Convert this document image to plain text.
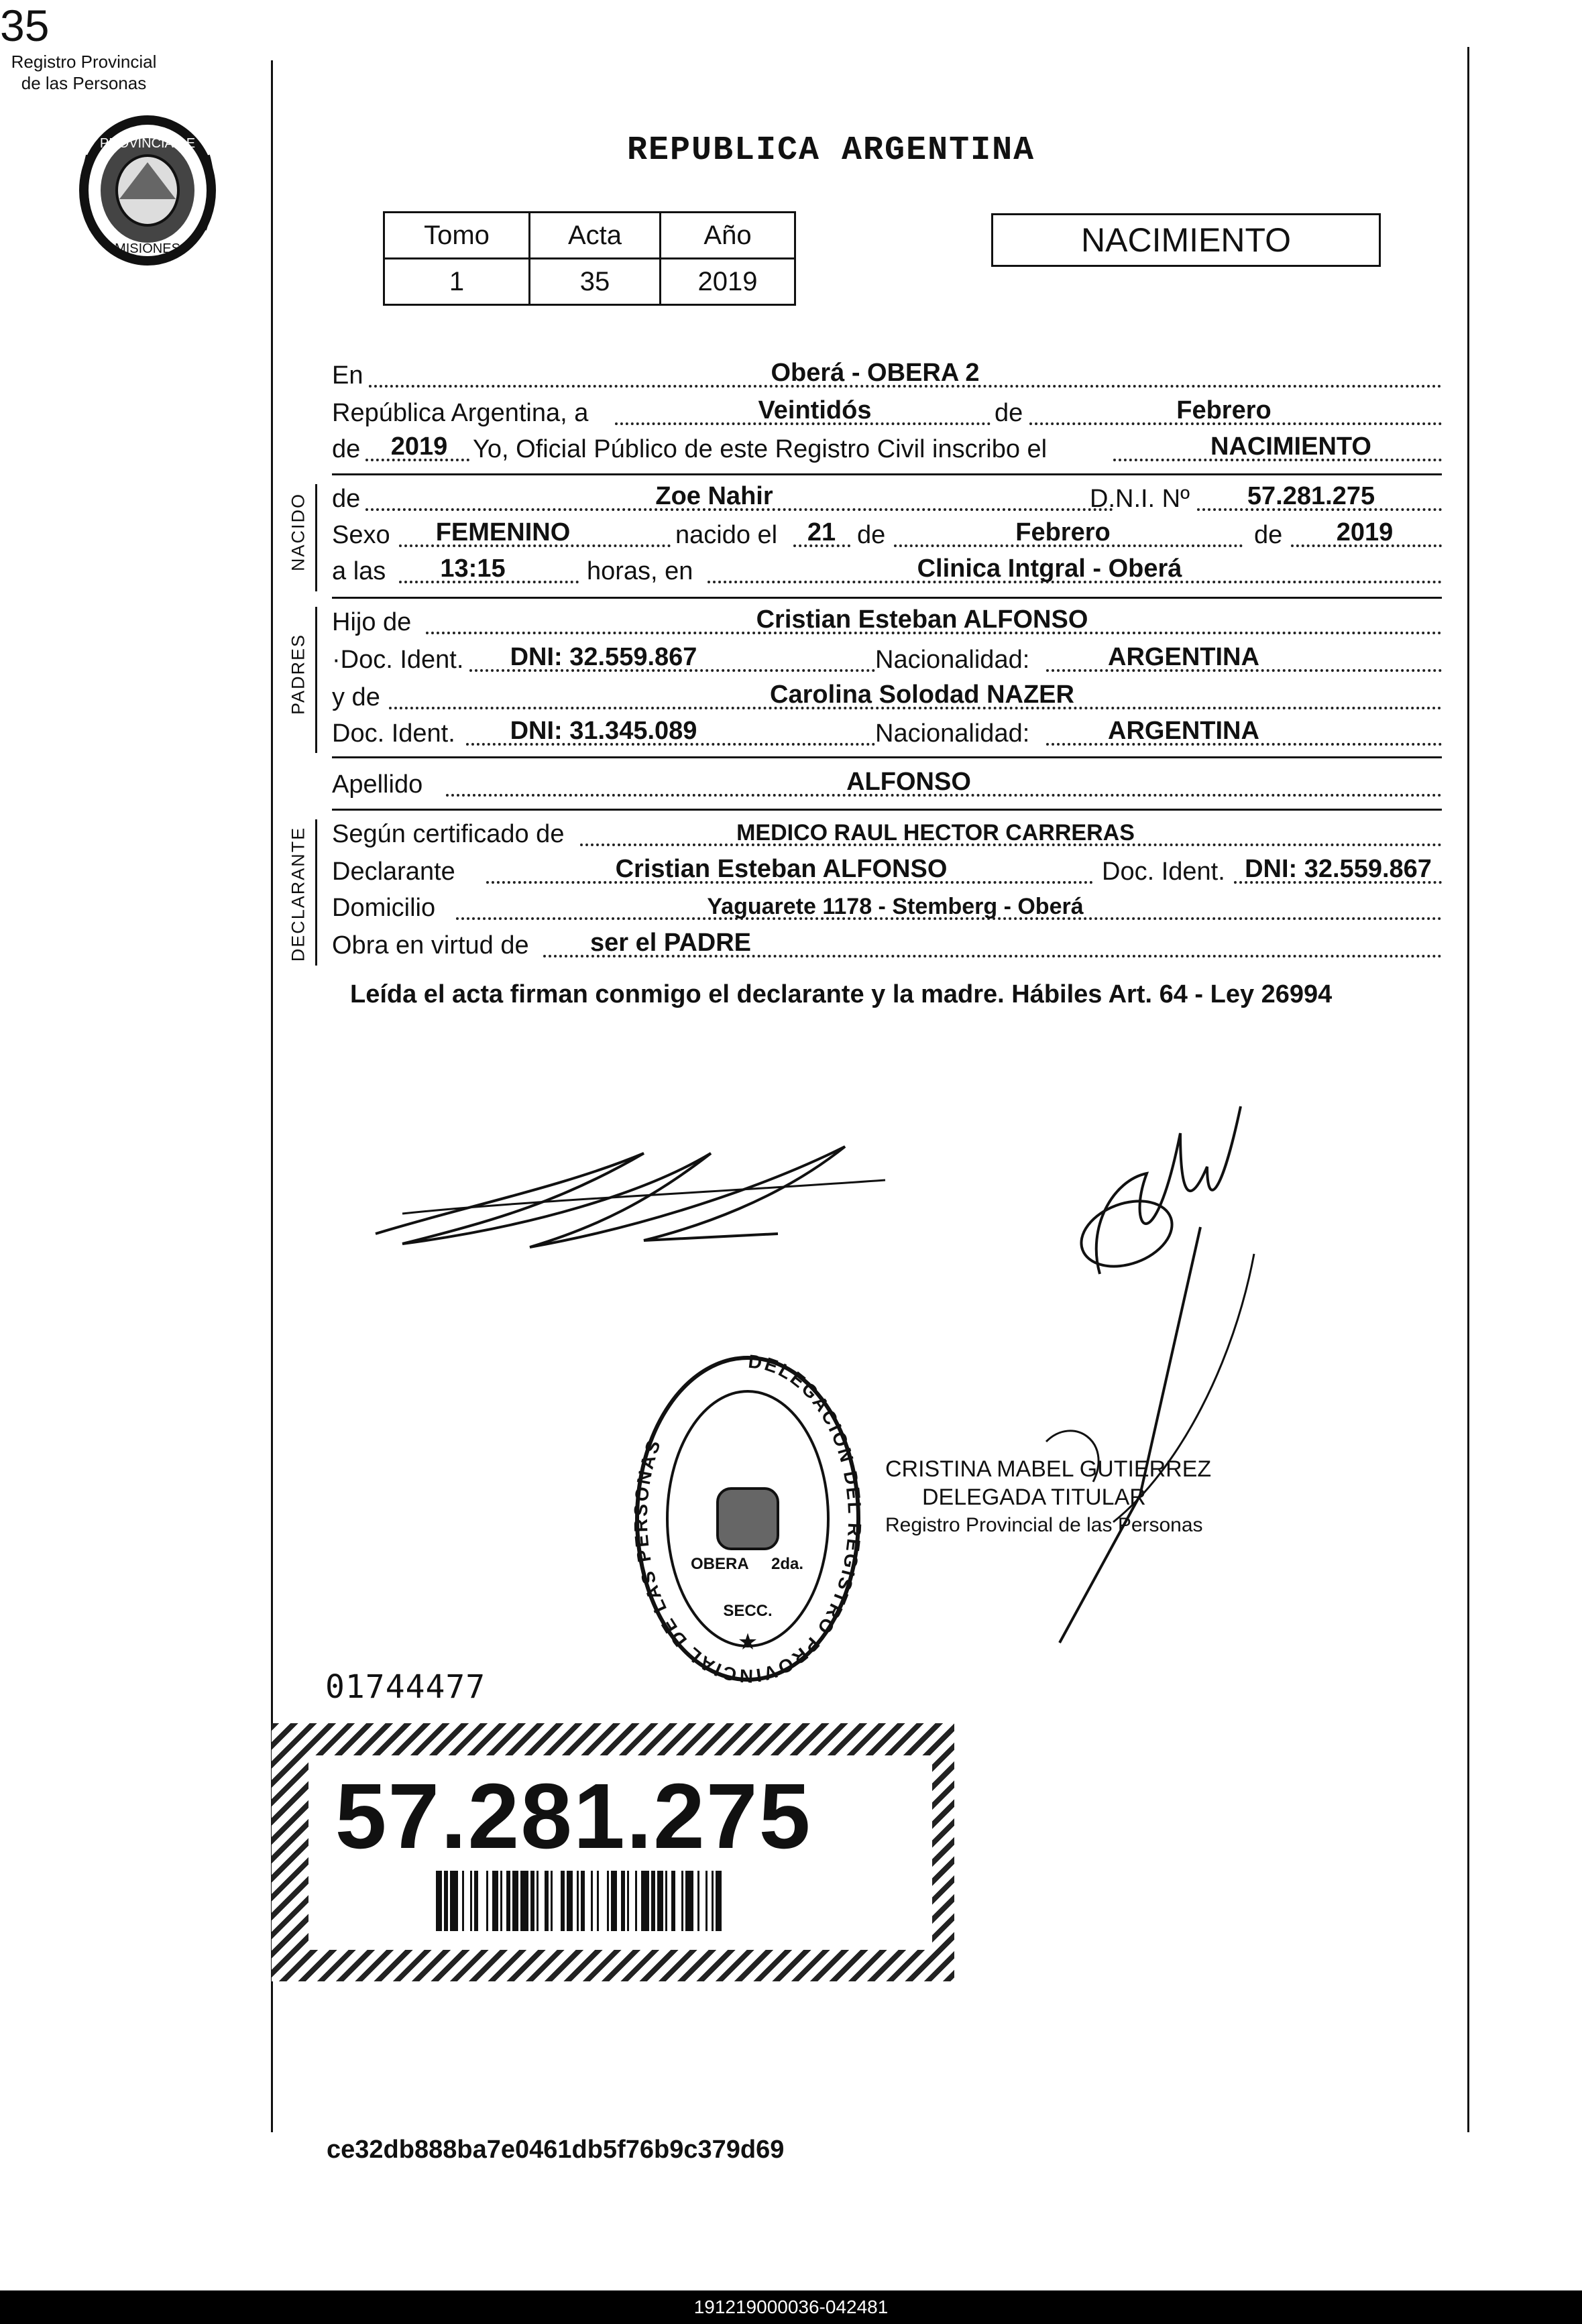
35
REPUBLICA ARGENTINA
PROVINCIA DE
MISIONES
Registro Provincial
de las Personas
Tomo	Acta	Año
1	35	2019
NACIMIENTO
En	Oberá - OBERA 2
República Argentina, a	Veintidós	de	Febrero
de	2019 Yo, Oficial Público de este Registro Civil inscribo el	NACIMIENTO
NACIDO de	Zoe Nahir	D.N.I. Nº	57.281.275
Sexo	FEMENINO	nacido el	21 de	Febrero	de	2019
a las	13:15	horas, en	Clinica Intgral - Oberá
PADRES
Hijo de	Cristian Esteban ALFONSO
·Doc. Ident.	DNI: 32.559.867	Nacionalidad:	ARGENTINA
y de	Carolina Solodad NAZER
Doc. Ident.	DNI: 31.345.089	Nacionalidad:	ARGENTINA
Apellido	ALFONSO
DECLARANTE Según certificado de	MEDICO RAUL HECTOR CARRERAS
Declarante	Cristian Esteban ALFONSO	Doc. Ident. DNI: 32.559.867
Domicilio	Yaguarete 1178 - Stemberg - Oberá
Obra en virtud de	ser el PADRE
Leída el acta firman conmigo el declarante y la madre. Hábiles Art. 64 - Ley 26994
DELEGACION DEL REGISTRO PROVINCIAL DE LAS PERSONAS
OBERA 2da.
SECC.
★
CRISTINA MABEL GUTIERREZ
DELEGADA TITULAR
Registro Provincial de las Personas
01744477
57.281.275
ce32db888ba7e0461db5f76b9c379d69
191219000036-042481
